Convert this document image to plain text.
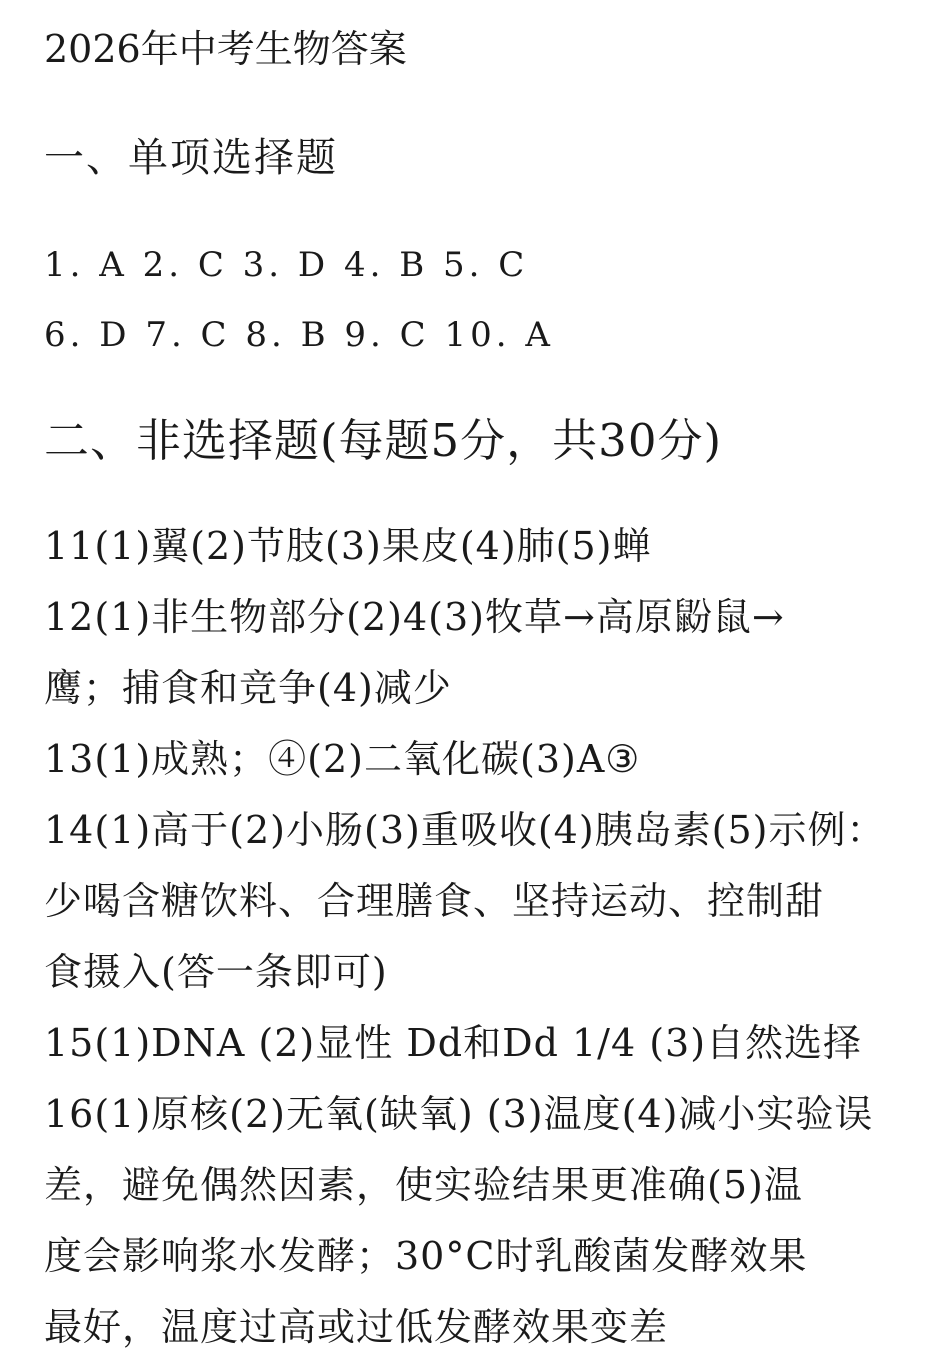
2026年中考生物答案
一、单项选择题
1. A 2. C 3. D 4. B 5. C
6. D 7. C 8. B 9. C 10. A
二、非选择题(每题5分，共30分)
11(1)翼(2)节肢(3)果皮(4)肺(5)蝉
12(1)非生物部分(2)4(3)牧草→高原鼢鼠→
鹰；捕食和竞争(4)减少
13(1)成熟；④(2)二氧化碳(3)A③
14(1)高于(2)小肠(3)重吸收(4)胰岛素(5)示例：
少喝含糖饮料、合理膳食、坚持运动、控制甜
食摄入(答一条即可)
15(1)DNA (2)显性 Dd和Dd 1/4 (3)自然选择
16(1)原核(2)无氧(缺氧) (3)温度(4)减小实验误
差，避免偶然因素，使实验结果更准确(5)温
度会影响浆水发酵；30°C时乳酸菌发酵效果
最好，温度过高或过低发酵效果变差
